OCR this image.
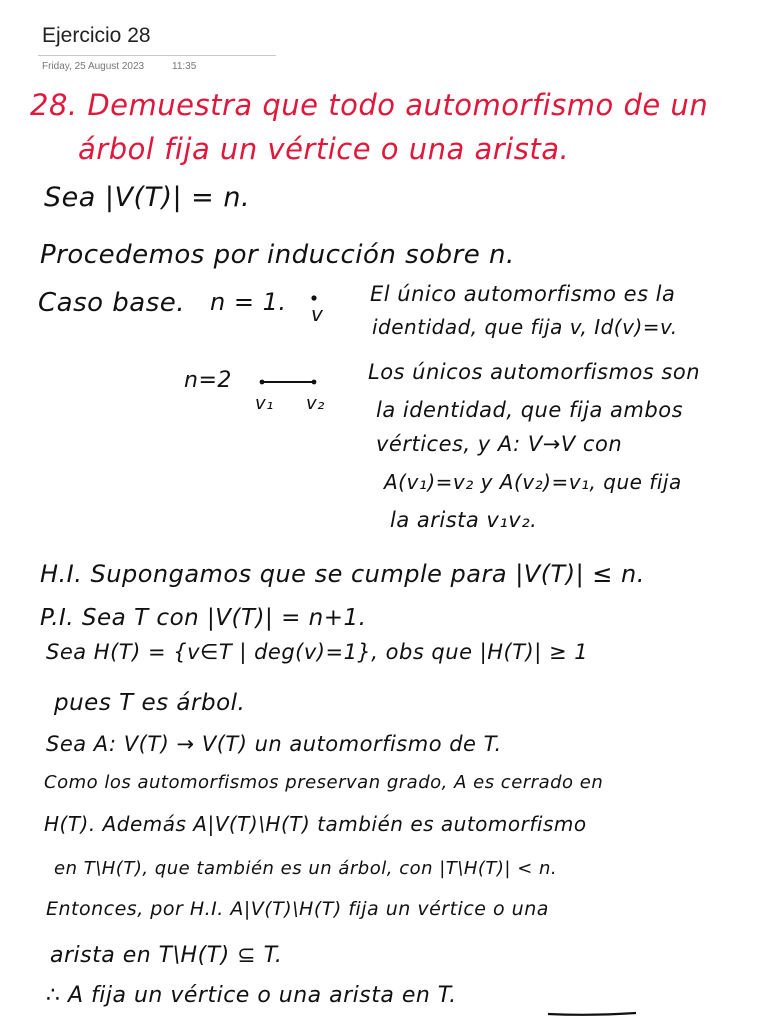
Ejercicio 28
Friday, 25 August 2023	11:35
28. Demuestra que todo automorfismo de un
árbol fija un vértice o una arista.
Sea |V(T)| = n.
Procedemos por inducción sobre n.
Caso base. n = 1. v
El único automorfismo es la
identidad, que fija v, Id(v)=v.
n=2
v₁ v₂
Los únicos automorfismos son
la identidad, que fija ambos
vértices, y A: V→V con
A(v₁)=v₂ y A(v₂)=v₁, que fija
la arista v₁v₂.
H.I. Supongamos que se cumple para |V(T)| ≤ n.
P.I. Sea T con |V(T)| = n+1.
Sea H(T) = {v∈T | deg(v)=1}, obs que |H(T)| ≥ 1
pues T es árbol.
Sea A: V(T) → V(T) un automorfismo de T.
Como los automorfismos preservan grado, A es cerrado en
H(T). Además A|V(T)\H(T) también es automorfismo
en T\H(T), que también es un árbol, con |T\H(T)| < n.
Entonces, por H.I. A|V(T)\H(T) fija un vértice o una
arista en T\H(T) ⊆ T.
∴ A fija un vértice o una arista en T.
